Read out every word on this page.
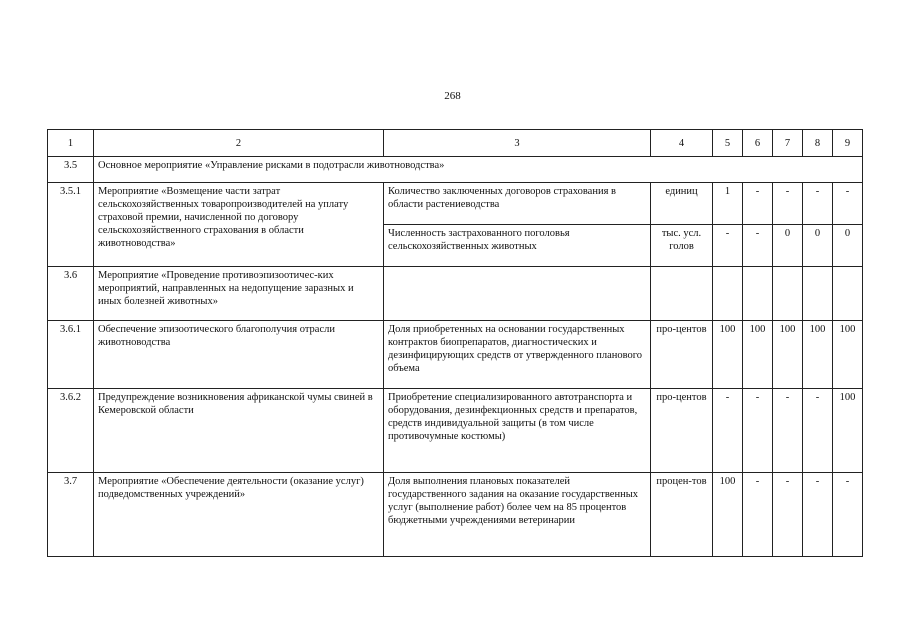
268
1	2	3	4	5	6	7	8	9
3.5	Основное мероприятие «Управление рисками в подотрасли животноводства»							
3.5.1	Мероприятие «Возмещение части затрат сельскохозяйственных товаропроизводителей на уплату страховой премии, начисленной по договору сельскохозяйственного страхования в области животноводства»	Количество заключенных договоров страхования в области растениеводства	единиц	1	-	-	-	-
		Численность застрахованного поголовья сельскохозяйственных животных	тыс. усл. голов	-	-	0	0	0
3.6	Мероприятие «Проведение противоэпизоотичес-ких мероприятий, направленных на недопущение заразных и иных болезней животных»							
3.6.1	Обеспечение эпизоотического благополучия отрасли животноводства	Доля приобретенных на основании государственных контрактов биопрепаратов, диагностических и дезинфицирующих средств от утвержденного планового объема	про-центов	100	100	100	100	100
3.6.2	Предупреждение возникновения африканской чумы свиней в Кемеровской области	Приобретение специализированного автотранспорта и оборудования, дезинфекционных средств и препаратов, средств индивидуальной защиты (в том числе противочумные костюмы)	про-центов	-	-	-	-	100
3.7	Мероприятие «Обеспечение деятельности (оказание услуг) подведомственных учреждений»	Доля выполнения плановых показателей государственного задания на оказание государственных услуг (выполнение работ) более чем на 85 процентов бюджетными учреждениями ветеринарии	процен-тов	100	-	-	-	-
